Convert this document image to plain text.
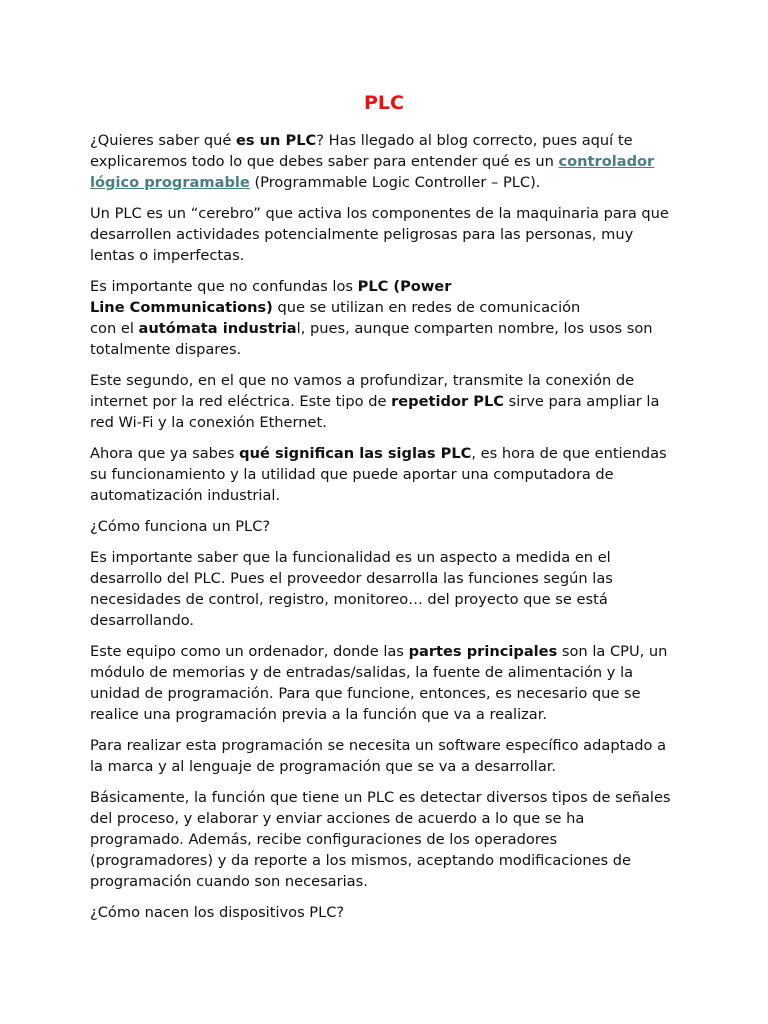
PLC

¿Quieres saber qué es un PLC? Has llegado al blog correcto, pues aquí te explicaremos todo lo que debes saber para entender qué es un controlador lógico programable (Programmable Logic Controller – PLC).

Un PLC es un “cerebro” que activa los componentes de la maquinaria para que desarrollen actividades potencialmente peligrosas para las personas, muy lentas o imperfectas.

Es importante que no confundas los PLC (Power
Line Communications) que se utilizan en redes de comunicación
con el autómata industrial, pues, aunque comparten nombre, los usos son totalmente dispares.

Este segundo, en el que no vamos a profundizar, transmite la conexión de internet por la red eléctrica. Este tipo de repetidor PLC sirve para ampliar la red Wi-Fi y la conexión Ethernet.

Ahora que ya sabes qué significan las siglas PLC, es hora de que entiendas su funcionamiento y la utilidad que puede aportar una computadora de automatización industrial.

¿Cómo funciona un PLC?

Es importante saber que la funcionalidad es un aspecto a medida en el desarrollo del PLC. Pues el proveedor desarrolla las funciones según las necesidades de control, registro, monitoreo… del proyecto que se está desarrollando.

Este equipo como un ordenador, donde las partes principales son la CPU, un módulo de memorias y de entradas/salidas, la fuente de alimentación y la unidad de programación. Para que funcione, entonces, es necesario que se realice una programación previa a la función que va a realizar.

Para realizar esta programación se necesita un software específico adaptado a la marca y al lenguaje de programación que se va a desarrollar.

Básicamente, la función que tiene un PLC es detectar diversos tipos de señales del proceso, y elaborar y enviar acciones de acuerdo a lo que se ha programado. Además, recibe configuraciones de los operadores (programadores) y da reporte a los mismos, aceptando modificaciones de programación cuando son necesarias.

¿Cómo nacen los dispositivos PLC?
